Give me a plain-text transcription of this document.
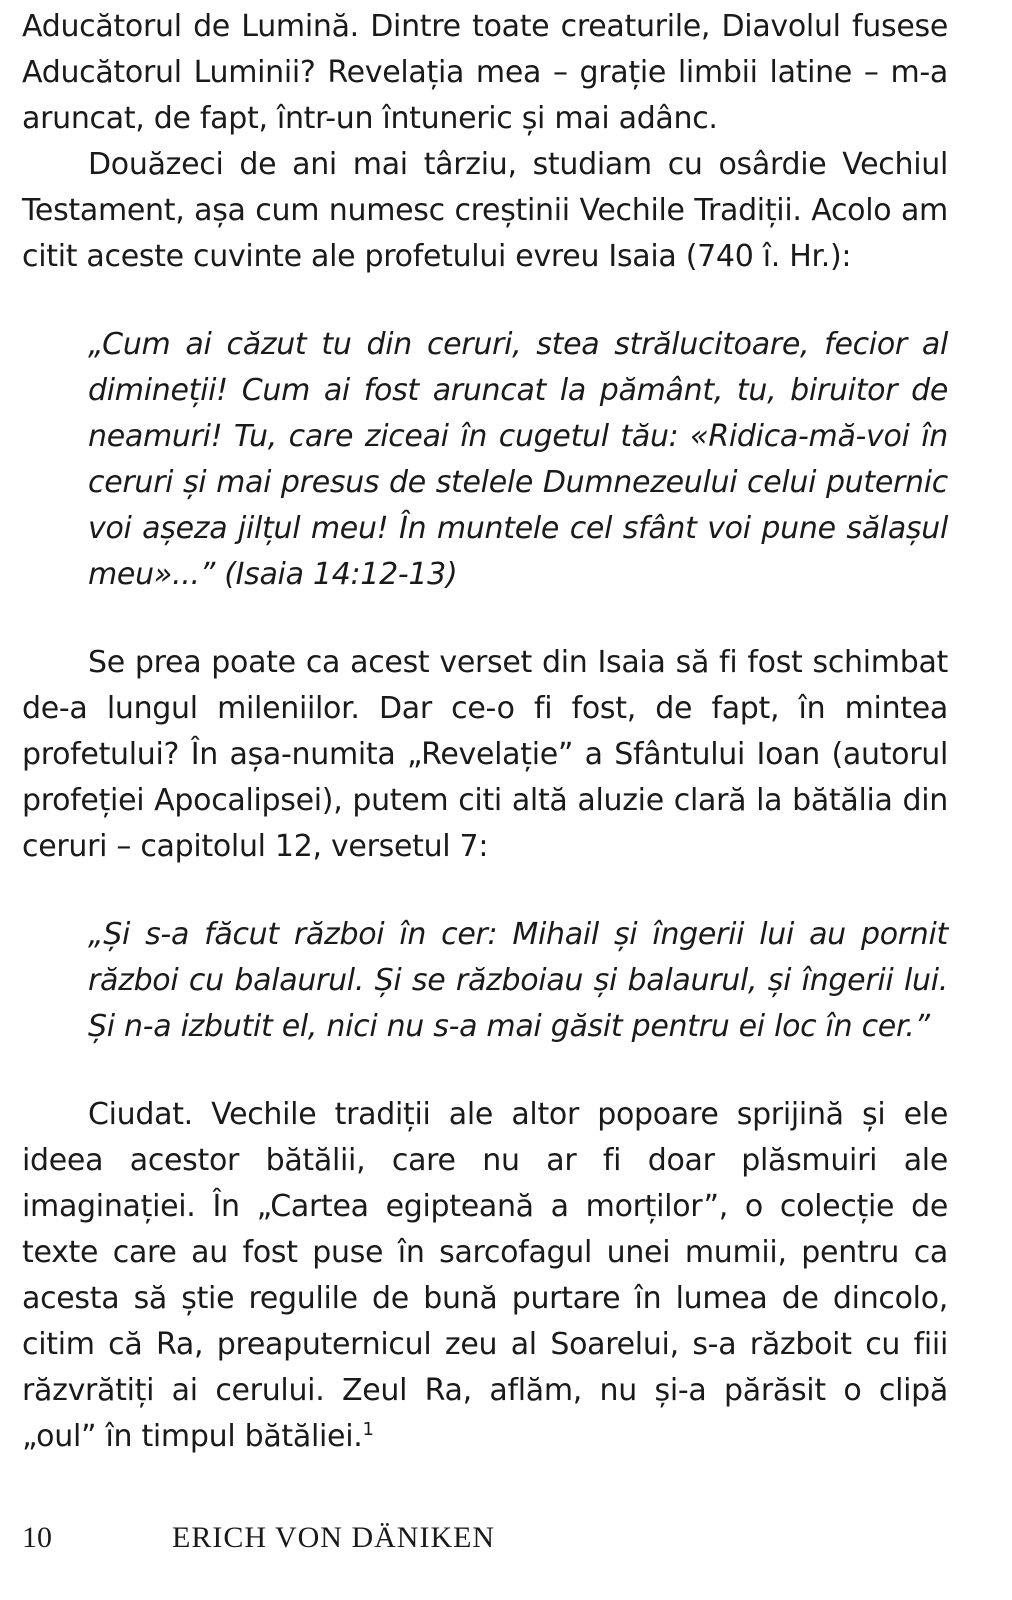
Aducătorul de Lumină. Dintre toate creaturile, Diavolul fusese Aducătorul Luminii? Revelația mea – grație limbii latine – m-a aruncat, de fapt, într-un întuneric și mai adânc.

Douăzeci de ani mai târziu, studiam cu osârdie Vechiul Testament, așa cum numesc creștinii Vechile Tradiții. Acolo am citit aceste cuvinte ale profetului evreu Isaia (740 î. Hr.):

„Cum ai căzut tu din ceruri, stea strălucitoare, fecior al dimineții! Cum ai fost aruncat la pământ, tu, biruitor de neamuri! Tu, care ziceai în cugetul tău: «Ridica-mă-voi în ceruri și mai presus de stelele Dumnezeului celui puternic voi așeza jilțul meu! În muntele cel sfânt voi pune sălașul meu»...” (Isaia 14:12-13)

Se prea poate ca acest verset din Isaia să fi fost schimbat de-a lungul mileniilor. Dar ce-o fi fost, de fapt, în mintea profetului? În așa-numita „Revelație” a Sfântului Ioan (autorul profeției Apocalipsei), putem citi altă aluzie clară la bătălia din ceruri – capitolul 12, versetul 7:

„Și s-a făcut război în cer: Mihail și îngerii lui au pornit război cu balaurul. Și se războiau și balaurul, și îngerii lui. Și n-a izbutit el, nici nu s-a mai găsit pentru ei loc în cer.”

Ciudat. Vechile tradiții ale altor popoare sprijină și ele ideea acestor bătălii, care nu ar fi doar plăsmuiri ale imaginației. În „Cartea egipteană a morților”, o colecție de texte care au fost puse în sarcofagul unei mumii, pentru ca acesta să știe regulile de bună purtare în lumea de dincolo, citim că Ra, preaputernicul zeu al Soarelui, s-a războit cu fiii răzvrătiți ai cerului. Zeul Ra, aflăm, nu și-a părăsit o clipă „oul” în timpul bătăliei.$^1$

10	ERICH VON DÄNIKEN
